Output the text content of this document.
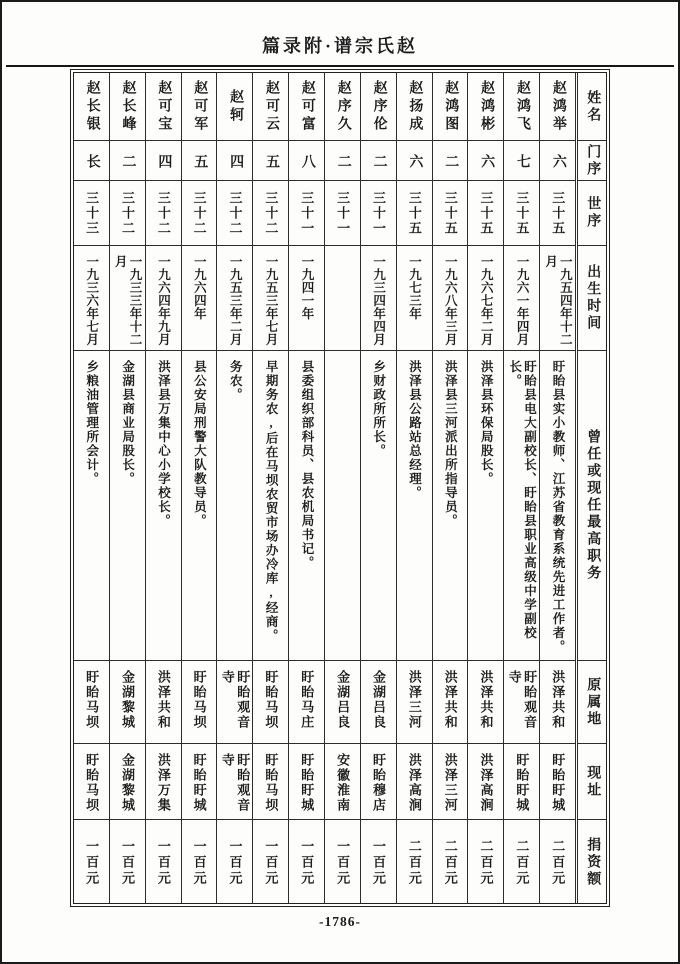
篇录附·谱宗氏赵
赵长银
长
三十三
一九三六年七月
乡粮油管理所会计。
盱眙马坝
盱眙马坝
一百元
赵长峰
二
三十二
一九三三年十二月
金湖县商业局股长。
金湖黎城
金湖黎城
一百元
赵可宝
四
三十二
一九六四年九月
洪泽县万集中心小学校长。
洪泽共和
洪泽万集
一百元
赵可军
五
三十二
一九六四年
县公安局刑警大队教导员。
盱眙马坝
盱眙盱城
一百元
赵轲
四
三十二
一九五三年二月
务农。
盱眙观音寺
盱眙观音寺
一百元
赵可云
五
三十二
一九五三年七月
早期务农,后在马坝农贸市场办冷库,经商。
盱眙马坝
盱眙马坝
一百元
赵可富
八
三十一
一九四一年
县委组织部科员、县农机局书记。
盱眙马庄
盱眙盱城
一百元
赵序久
二
三十一
金湖吕良
安徽淮南
一百元
赵序伦
二
三十一
一九三四年四月
乡财政所所长。
金湖吕良
盱眙穆店
一百元
赵扬成
六
三十五
一九七三年
洪泽县公路站总经理。
洪泽三河
洪泽高涧
二百元
赵鸿图
二
三十五
一九六八年三月
洪泽县三河派出所指导员。
洪泽共和
洪泽三河
二百元
赵鸿彬
六
三十五
一九六七年二月
洪泽县环保局股长。
洪泽共和
洪泽高涧
二百元
赵鸿飞
七
三十五
一九六一年四月
盱眙县电大副校长、盱眙县职业高级中学副校长。
盱眙观音寺
盱眙盱城
二百元
赵鸿举
六
三十五
一九五四年十二月
盱眙县实小教师、江苏省教育系统先进工作者。
洪泽共和
盱眙盱城
二百元
姓名
门序
世序
出生时间
曾任或现任最高职务
原属地
现址
捐资额
-1786-
